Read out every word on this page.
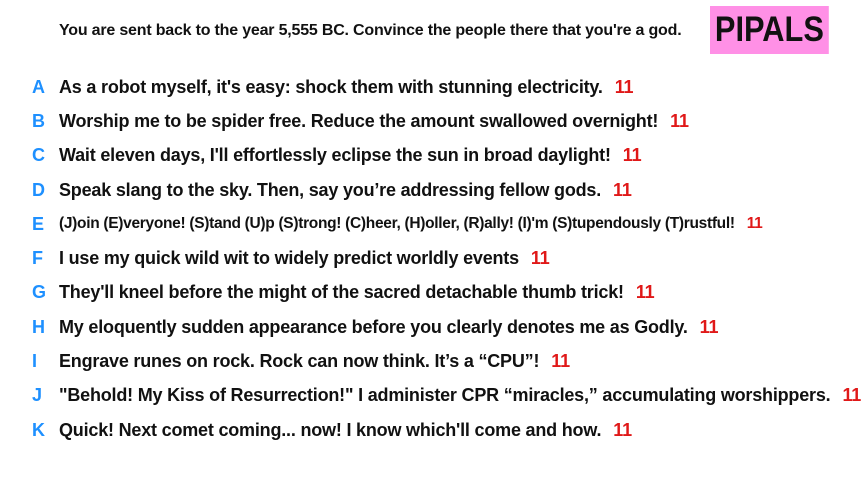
You are sent back to the year 5,555 BC. Convince the people there that you're a god. PIPALS
A As a robot myself, it's easy: shock them with stunning electricity. 11
B Worship me to be spider free. Reduce the amount swallowed overnight! 11
C Wait eleven days, I'll effortlessly eclipse the sun in broad daylight! 11
D Speak slang to the sky. Then, say you’re addressing fellow gods. 11
E (J)oin (E)veryone! (S)tand (U)p (S)trong! (C)heer, (H)oller, (R)ally! (I)'m (S)tupendously (T)rustful! 11
F I use my quick wild wit to widely predict worldly events 11
G They'll kneel before the might of the sacred detachable thumb trick! 11
H My eloquently sudden appearance before you clearly denotes me as Godly. 11
I	Engrave runes on rock. Rock can now think. It’s a “CPU”! 11
J "Behold! My Kiss of Resurrection!" I administer CPR “miracles,” accumulating worshippers. 11
K Quick! Next comet coming... now! I know which'll come and how. 11
